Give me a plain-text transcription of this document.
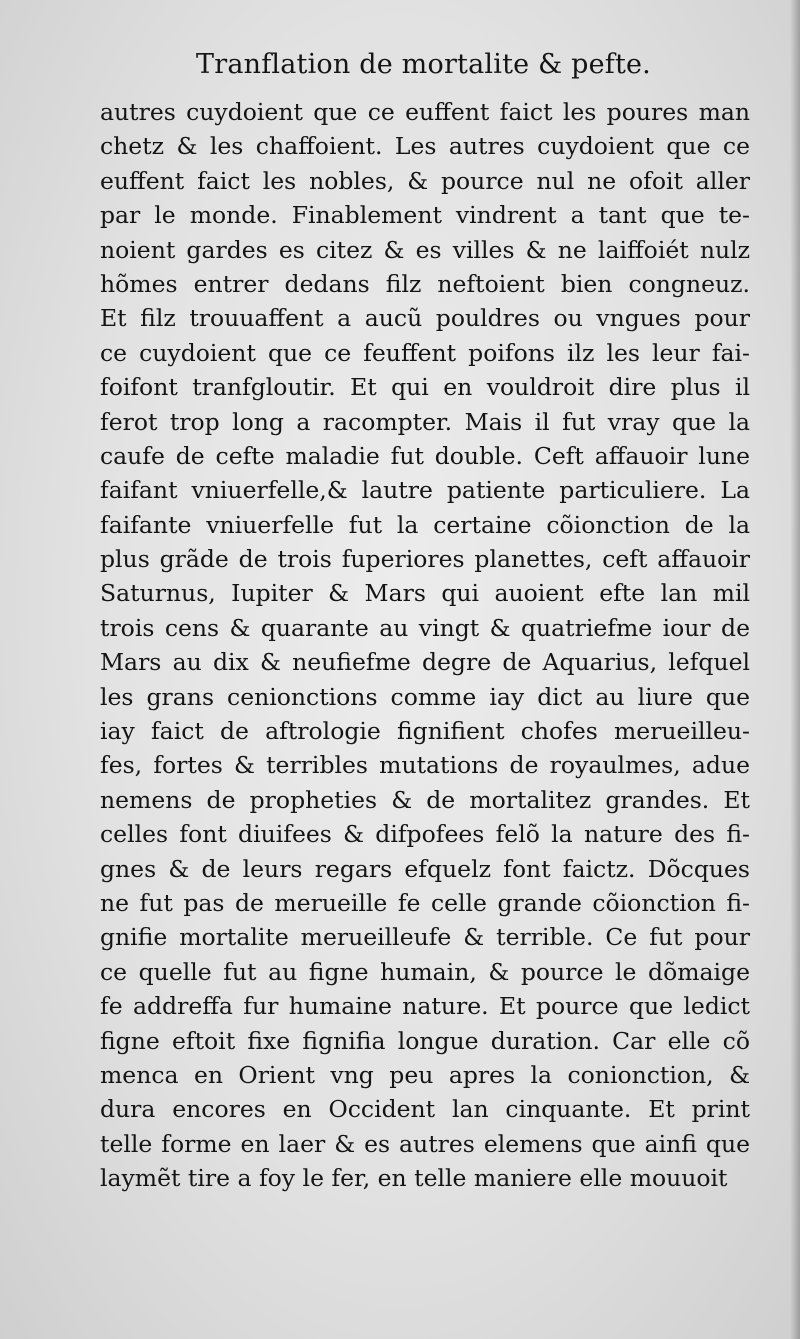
Tranflation de mortalite & pefte.
autres cuydoient que ce euffent faict les poures man
chetz & les chaffoient. Les autres cuydoient que ce
euffent faict les nobles, & pource nul ne ofoit aller
par le monde. Finablement vindrent a tant que te-
noient gardes es citez & es villes & ne laiffoiét nulz
hõmes entrer dedans filz neftoient bien congneuz.
Et filz trouuaffent a aucũ pouldres ou vngues pour
ce cuydoient que ce feuffent poifons ilz les leur fai-
foifont tranfgloutir. Et qui en vouldroit dire plus il
ferot trop long a racompter. Mais il fut vray que la
caufe de cefte maladie fut double. Ceft affauoir lune
faifant vniuerfelle,& lautre patiente particuliere. La
faifante vniuerfelle fut la certaine cõionction de la
plus grãde de trois fuperiores planettes, ceft affauoir
Saturnus, Iupiter & Mars qui auoient efte lan mil
trois cens & quarante au vingt & quatriefme iour de
Mars au dix & neufiefme degre de Aquarius, lefquel
les grans cenionctions comme iay dict au liure que
iay faict de aftrologie fignifient chofes merueilleu-
fes, fortes & terribles mutations de royaulmes, adue
nemens de propheties & de mortalitez grandes. Et
celles font diuifees & difpofees felõ la nature des fi-
gnes & de leurs regars efquelz font faictz. Dõcques
ne fut pas de merueille fe celle grande cõionction fi-
gnifie mortalite merueilleufe & terrible. Ce fut pour
ce quelle fut au figne humain, & pource le dõmaige
fe addreffa fur humaine nature. Et pource que ledict
figne eftoit fixe fignifia longue duration. Car elle cõ
menca en Orient vng peu apres la conionction, &
dura encores en Occident lan cinquante. Et print
telle forme en laer & es autres elemens que ainfi que
laymẽt tire a foy le fer, en telle maniere elle mouuoit
